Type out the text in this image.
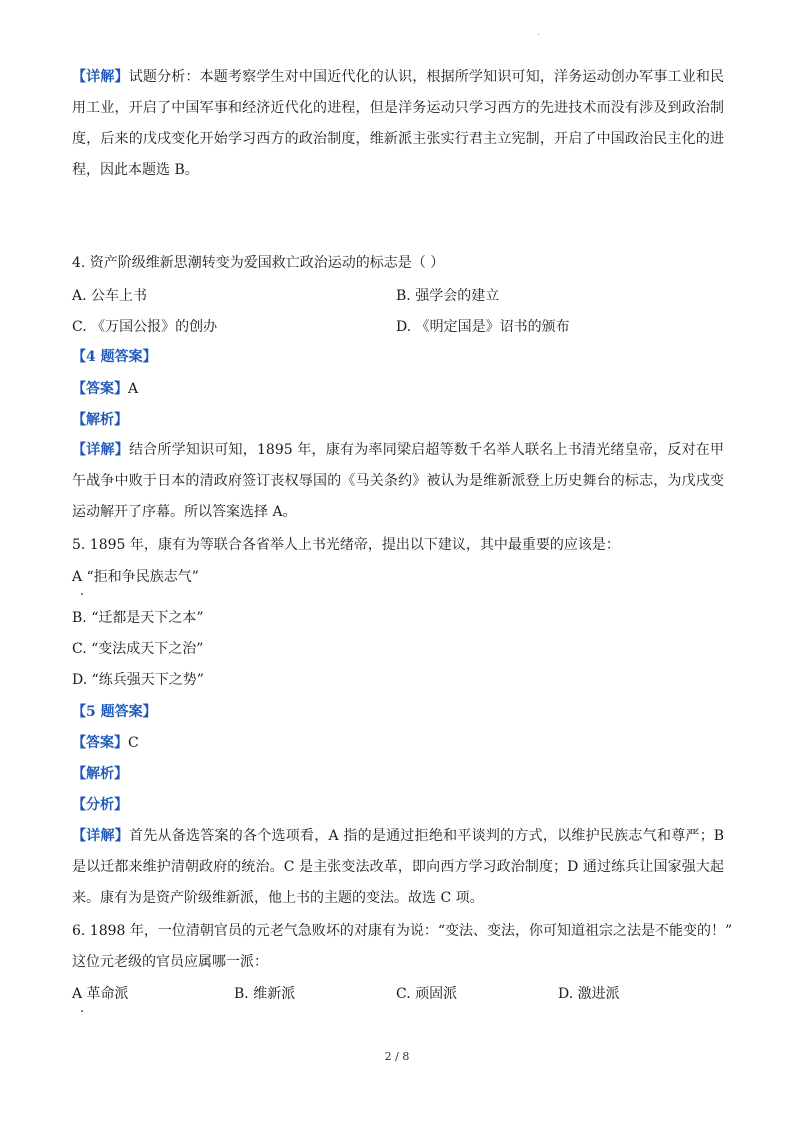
.
【详解】试题分析：本题考察学生对中国近代化的认识，根据所学知识可知，洋务运动创办军事工业和民用工业，开启了中国军事和经济近代化的进程，但是洋务运动只学习西方的先进技术而没有涉及到政治制度，后来的戊戌变化开始学习西方的政治制度，维新派主张实行君主立宪制，开启了中国政治民主化的进程，因此本题选 B。
4. 资产阶级维新思潮转变为爱国救亡政治运动的标志是（ ）
A. 公车上书	B. 强学会的建立
C. 《万国公报》的创办	D. 《明定国是》诏书的颁布
【4 题答案】
【答案】A
【解析】
【详解】结合所学知识可知，1895 年，康有为率同梁启超等数千名举人联名上书清光绪皇帝，反对在甲午战争中败于日本的清政府签订丧权辱国的《马关条约》被认为是维新派登上历史舞台的标志，为戊戌变运动解开了序幕。所以答案选择 A。
5. 1895 年，康有为等联合各省举人上书光绪帝，提出以下建议，其中最重要的应该是：
A “拒和争民族志气”
B. “迁都是天下之本”
C. “变法成天下之治”
D. “练兵强天下之势”
【5 题答案】
【答案】C
【解析】
【分析】
【详解】首先从备选答案的各个选项看，A 指的是通过拒绝和平谈判的方式，以维护民族志气和尊严；B 是以迁都来维护清朝政府的统治。C 是主张变法改革，即向西方学习政治制度；D 通过练兵让国家强大起来。康有为是资产阶级维新派，他上书的主题的变法。故选 C 项。
6. 1898 年，一位清朝官员的元老气急败坏的对康有为说：“变法、变法，你可知道祖宗之法是不能变的！”
这位元老级的官员应属哪一派：
A 革命派	B. 维新派	C. 顽固派	D. 激进派
2 / 8
